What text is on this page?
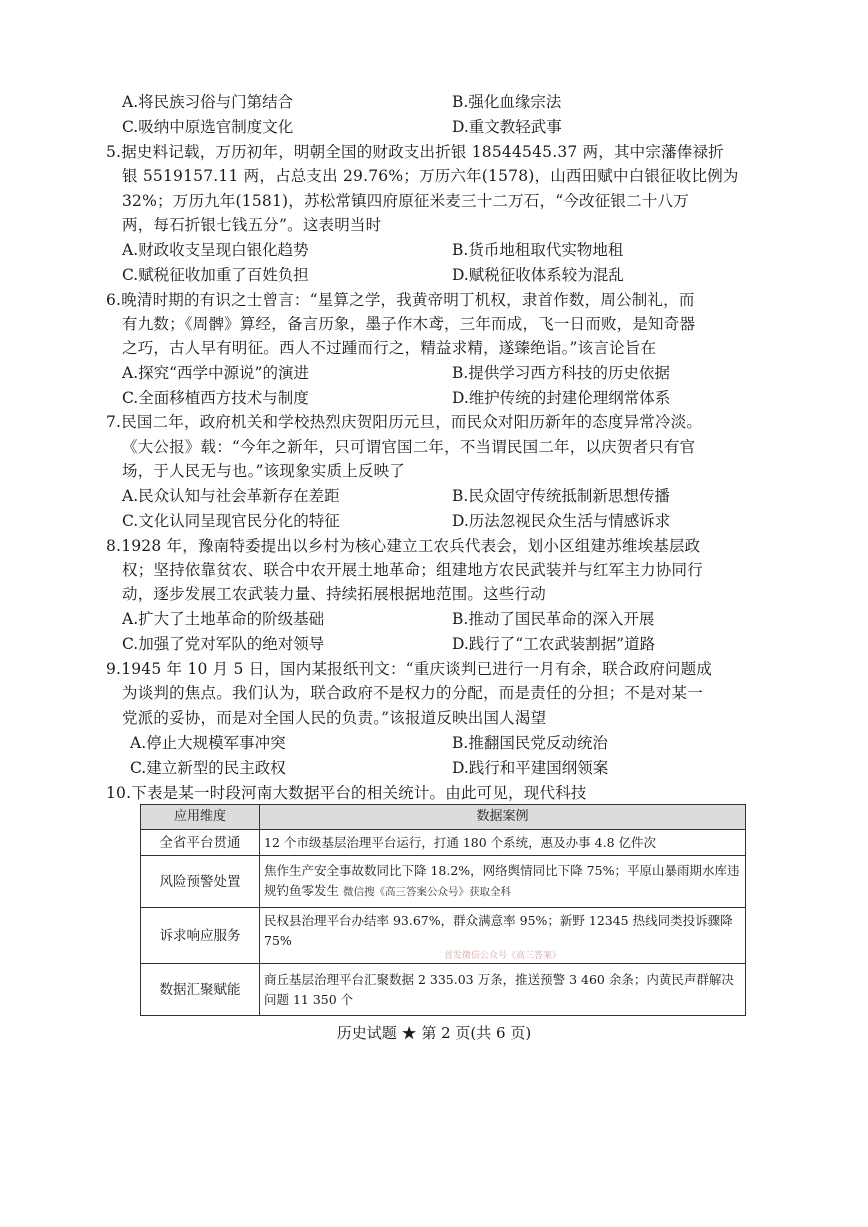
A.将民族习俗与门第结合	B.强化血缘宗法
C.吸纳中原选官制度文化	D.重文教轻武事
5.据史料记载，万历初年，明朝全国的财政支出折银 18544545.37 两，其中宗藩俸禄折
银 5519157.11 两，占总支出 29.76%；万历六年(1578)，山西田赋中白银征收比例为
32%；万历九年(1581)，苏松常镇四府原征米麦三十二万石，“今改征银二十八万
两，每石折银七钱五分”。这表明当时
A.财政收支呈现白银化趋势	B.货币地租取代实物地租
C.赋税征收加重了百姓负担	D.赋税征收体系较为混乱
6.晚清时期的有识之士曾言：“星算之学，我黄帝明丁机权，隶首作数，周公制礼，而
有九数；《周髀》算经，备言历象，墨子作木鸢，三年而成，飞一日而败，是知奇器
之巧，古人早有明征。西人不过踵而行之，精益求精，遂臻绝诣。”该言论旨在
A.探究“西学中源说”的演进	B.提供学习西方科技的历史依据
C.全面移植西方技术与制度	D.维护传统的封建伦理纲常体系
7.民国二年，政府机关和学校热烈庆贺阳历元旦，而民众对阳历新年的态度异常冷淡。
《大公报》载：“今年之新年，只可谓官国二年，不当谓民国二年，以庆贺者只有官
场，于人民无与也。”该现象实质上反映了
A.民众认知与社会革新存在差距	B.民众固守传统抵制新思想传播
C.文化认同呈现官民分化的特征	D.历法忽视民众生活与情感诉求
8.1928 年，豫南特委提出以乡村为核心建立工农兵代表会，划小区组建苏维埃基层政
权；坚持依靠贫农、联合中农开展土地革命；组建地方农民武装并与红军主力协同行
动，逐步发展工农武装力量、持续拓展根据地范围。这些行动
A.扩大了土地革命的阶级基础	B.推动了国民革命的深入开展
C.加强了党对军队的绝对领导	D.践行了“工农武装割据”道路
9.1945 年 10 月 5 日，国内某报纸刊文：“重庆谈判已进行一月有余，联合政府问题成
为谈判的焦点。我们认为，联合政府不是权力的分配，而是责任的分担；不是对某一
党派的妥协，而是对全国人民的负责。”该报道反映出国人渴望
A.停止大规模军事冲突	B.推翻国民党反动统治
C.建立新型的民主政权	D.践行和平建国纲领案
10.下表是某一时段河南大数据平台的相关统计。由此可见，现代科技
应用维度	数据案例
全省平台贯通	12 个市级基层治理平台运行，打通 180 个系统，惠及办事 4.8 亿件次
风险预警处置	焦作生产安全事故数同比下降 18.2%，网络舆情同比下降 75%；平原山暴雨期水库违规钓鱼零发生 微信搜《高三答案公众号》获取全科
诉求响应服务	民权县治理平台办结率 93.67%，群众满意率 95%；新野 12345 热线同类投诉骤降 75%
首发微信公众号《高三答案》

数据汇聚赋能	商丘基层治理平台汇聚数据 2 335.03 万条，推送预警 3 460 余条；内黄民声群解决问题 11 350 个
历史试题 ★ 第 2 页(共 6 页)
